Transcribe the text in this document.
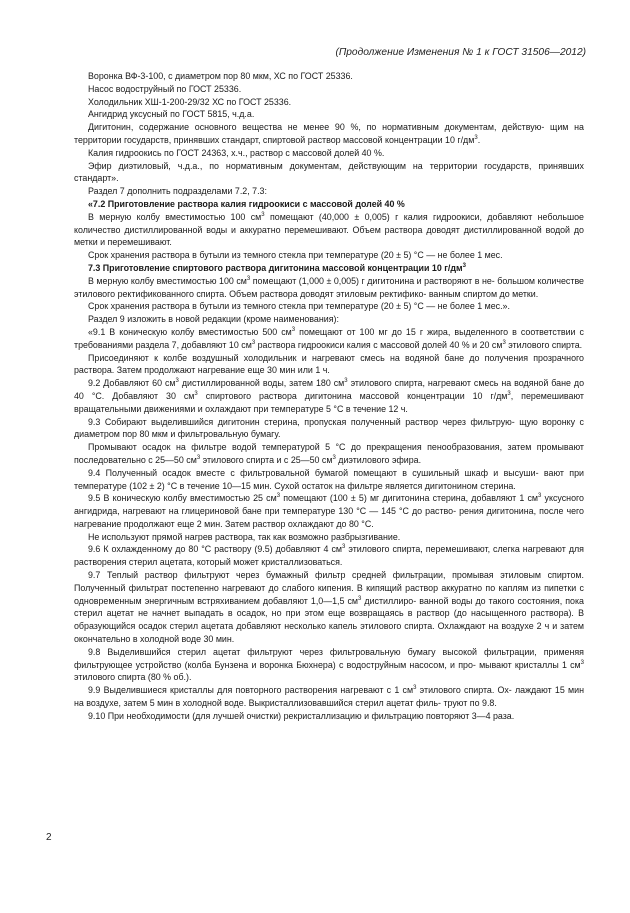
(Продолжение Изменения № 1 к ГОСТ 31506—2012)

Воронка ВФ-3-100, с диаметром пор 80 мкм, ХС по ГОСТ 25336.

Насос водоструйный по ГОСТ 25336.

Холодильник ХШ-1-200-29/32 ХС по ГОСТ 25336.

Ангидрид уксусный по ГОСТ 5815, ч.д.а.

Дигитонин, содержание основного вещества не менее 90 %, по нормативным документам, действую- щим на территории государств, принявших стандарт, спиртовой раствор массовой концентрации 10 $г/дм^3$.

Калия гидроокись по ГОСТ 24363, х.ч., раствор с массовой долей 40 %.

Эфир диэтиловый, ч.д.а., по нормативным документам, действующим на территории государств, принявших стандарт».

Раздел 7 дополнить подразделами 7.2, 7.3:

«7.2 Приготовление раствора калия гидроокиси с массовой долей 40 %

В мерную колбу вместимостью 100 $см^3$ помещают (40,000 ± 0,005) г калия гидроокиси, добавляют небольшое количество дистиллированной воды и аккуратно перемешивают. Объем раствора доводят дистиллированной водой до метки и перемешивают.

Срок хранения раствора в бутыли из темного стекла при температуре (20 ± 5) °C — не более 1 мес.

7.3 Приготовление спиртового раствора дигитонина массовой концентрации 10 $г/дм^3$

В мерную колбу вместимостью 100 $см^3$ помещают (1,000 ± 0,005) г дигитонина и растворяют в не- большом количестве этилового ректификованного спирта. Объем раствора доводят этиловым ректифико- ванным спиртом до метки.

Срок хранения раствора в бутыли из темного стекла при температуре (20 ± 5) °C — не более 1 мес.».

Раздел 9 изложить в новой редакции (кроме наименования):

«9.1 В коническую колбу вместимостью 500 $см^3$ помещают от 100 мг до 15 г жира, выделенного в соответствии с требованиями раздела 7, добавляют 10 $см^3$ раствора гидроокиси калия с массовой долей 40 % и 20 $см^3$ этилового спирта.

Присоединяют к колбе воздушный холодильник и нагревают смесь на водяной бане до получения прозрачного раствора. Затем продолжают нагревание еще 30 мин или 1 ч.

9.2 Добавляют 60 $см^3$ дистиллированной воды, затем 180 $см^3$ этилового спирта, нагревают смесь на водяной бане до 40 °C. Добавляют 30 $см^3$ спиртового раствора дигитонина массовой концентрации 10 $г/дм^3$, перемешивают вращательными движениями и охлаждают при температуре 5 °C в течение 12 ч.

9.3 Собирают выделившийся дигитонин стерина, пропуская полученный раствор через фильтрую- щую воронку с диаметром пор 80 мкм и фильтровальную бумагу.

Промывают осадок на фильтре водой температурой 5 °C до прекращения пенообразования, затем промывают последовательно с 25—50 $см^3$ этилового спирта и с 25—50 $см^3$ диэтилового эфира.

9.4 Полученный осадок вместе с фильтровальной бумагой помещают в сушильный шкаф и высуши- вают при температуре (102 ± 2) °C в течение 10—15 мин. Сухой остаток на фильтре является дигитонином стерина.

9.5 В коническую колбу вместимостью 25 $см^3$ помещают (100 ± 5) мг дигитонина стерина, добавляют 1 $см^3$ уксусного ангидрида, нагревают на глицериновой бане при температуре 130 °C — 145 °C до раство- рения дигитонина, после чего нагревание продолжают еще 2 мин. Затем раствор охлаждают до 80 °C.

Не используют прямой нагрев раствора, так как возможно разбрызгивание.

9.6 К охлажденному до 80 °C раствору (9.5) добавляют 4 $см^3$ этилового спирта, перемешивают, слегка нагревают для растворения стерил ацетата, который может кристаллизоваться.

9.7 Теплый раствор фильтруют через бумажный фильтр средней фильтрации, промывая этиловым спиртом. Полученный фильтрат постепенно нагревают до слабого кипения. В кипящий раствор аккуратно по каплям из пипетки с одновременным энергичным встряхиванием добавляют 1,0—1,5 $см^3$ дистиллиро- ванной воды до такого состояния, пока стерил ацетат не начнет выпадать в осадок, но при этом еще возвращаясь в раствор (до насыщенного раствора). В образующийся осадок стерил ацетата добавляют несколько капель этилового спирта. Охлаждают на воздухе 2 ч и затем окончательно в холодной воде 30 мин.

9.8 Выделившийся стерил ацетат фильтруют через фильтровальную бумагу высокой фильтрации, применяя фильтрующее устройство (колба Бунзена и воронка Бюхнера) с водоструйным насосом, и про- мывают кристаллы 1 $см^3$ этилового спирта (80 % об.).

9.9 Выделившиеся кристаллы для повторного растворения нагревают с 1 $см^3$ этилового спирта. Ох- лаждают 15 мин на воздухе, затем 5 мин в холодной воде. Выкристаллизовавшийся стерил ацетат филь- труют по 9.8.

9.10 При необходимости (для лучшей очистки) рекристаллизацию и фильтрацию повторяют 3—4 раза.

2
